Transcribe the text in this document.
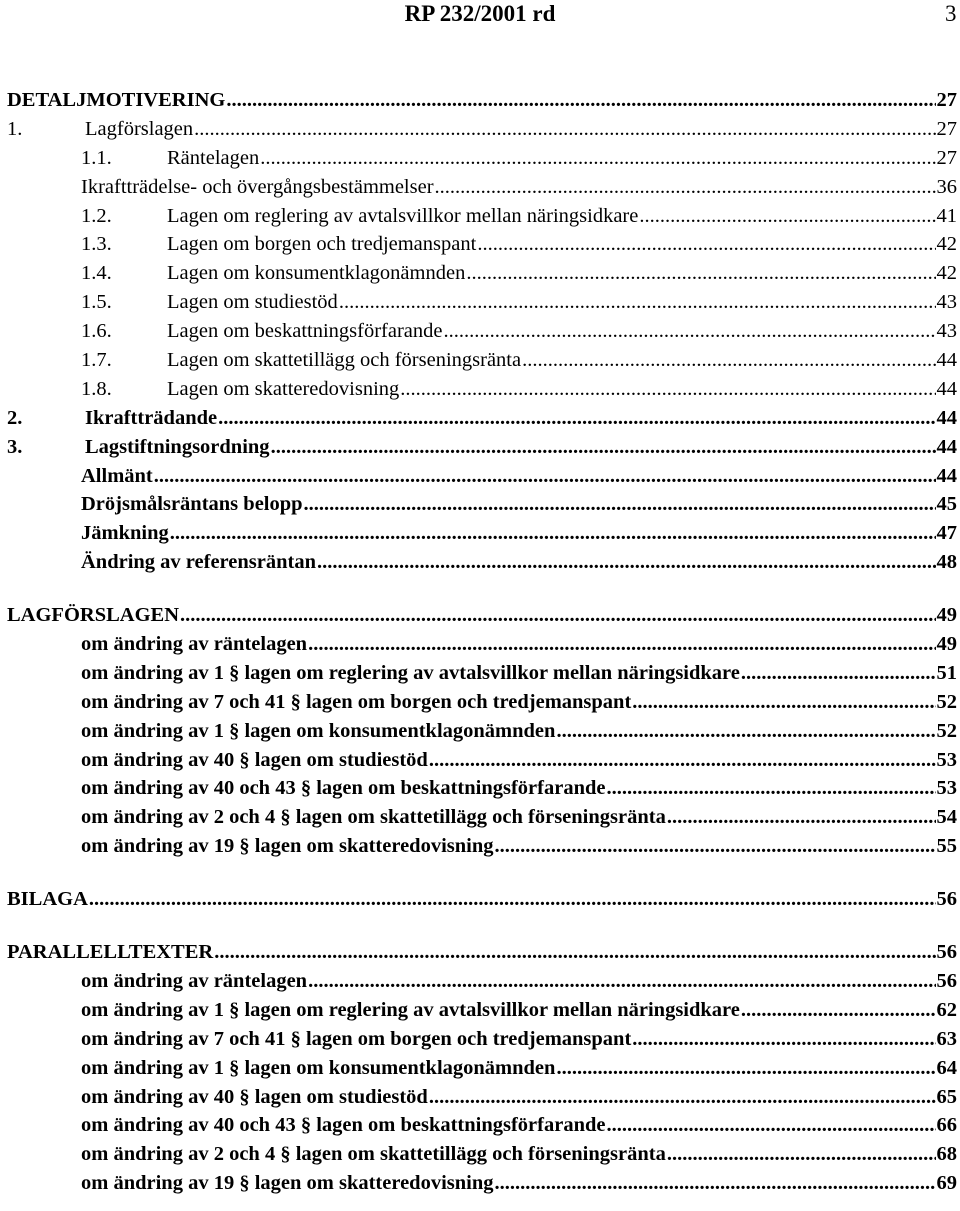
RP 232/2001 rd	3
DETALJMOTIVERING .....	27
1.	Lagförslagen .....	27
1.1.	Räntelagen .....	27
Ikraftträdelse- och övergångsbestämmelser .....	36
1.2.	Lagen om reglering av avtalsvillkor mellan näringsidkare .....	41
1.3.	Lagen om borgen och tredjemanspant .....	42
1.4.	Lagen om konsumentklagonämnden .....	42
1.5.	Lagen om studiestöd .....	43
1.6.	Lagen om beskattningsförfarande .....	43
1.7.	Lagen om skattetillägg och förseningsränta .....	44
1.8.	Lagen om skatteredovisning .....	44
2.	Ikraftträdande .....	44
3.	Lagstiftningsordning .....	44
Allmänt .....	44
Dröjsmålsräntans belopp .....	45
Jämkning .....	47
Ändring av referensräntan .....	48
LAGFÖRSLAGEN .....	49
om ändring av räntelagen .....	49
om ändring av 1 § lagen om reglering av avtalsvillkor mellan näringsidkare .....	51
om ändring av 7 och 41 § lagen om borgen och tredjemanspant .....	52
om ändring av 1 § lagen om konsumentklagonämnden .....	52
om ändring av 40 § lagen om studiestöd .....	53
om ändring av 40 och 43 § lagen om beskattningsförfarande .....	53
om ändring av 2 och 4 § lagen om skattetillägg och förseningsränta .....	54
om ändring av 19 § lagen om skatteredovisning .....	55
BILAGA .....	56
PARALLELLTEXTER .....	56
om ändring av räntelagen .....	56
om ändring av 1 § lagen om reglering av avtalsvillkor mellan näringsidkare .....	62
om ändring av 7 och 41 § lagen om borgen och tredjemanspant .....	63
om ändring av 1 § lagen om konsumentklagonämnden .....	64
om ändring av 40 § lagen om studiestöd .....	65
om ändring av 40 och 43 § lagen om beskattningsförfarande .....	66
om ändring av 2 och 4 § lagen om skattetillägg och förseningsränta .....	68
om ändring av 19 § lagen om skatteredovisning .....	69
